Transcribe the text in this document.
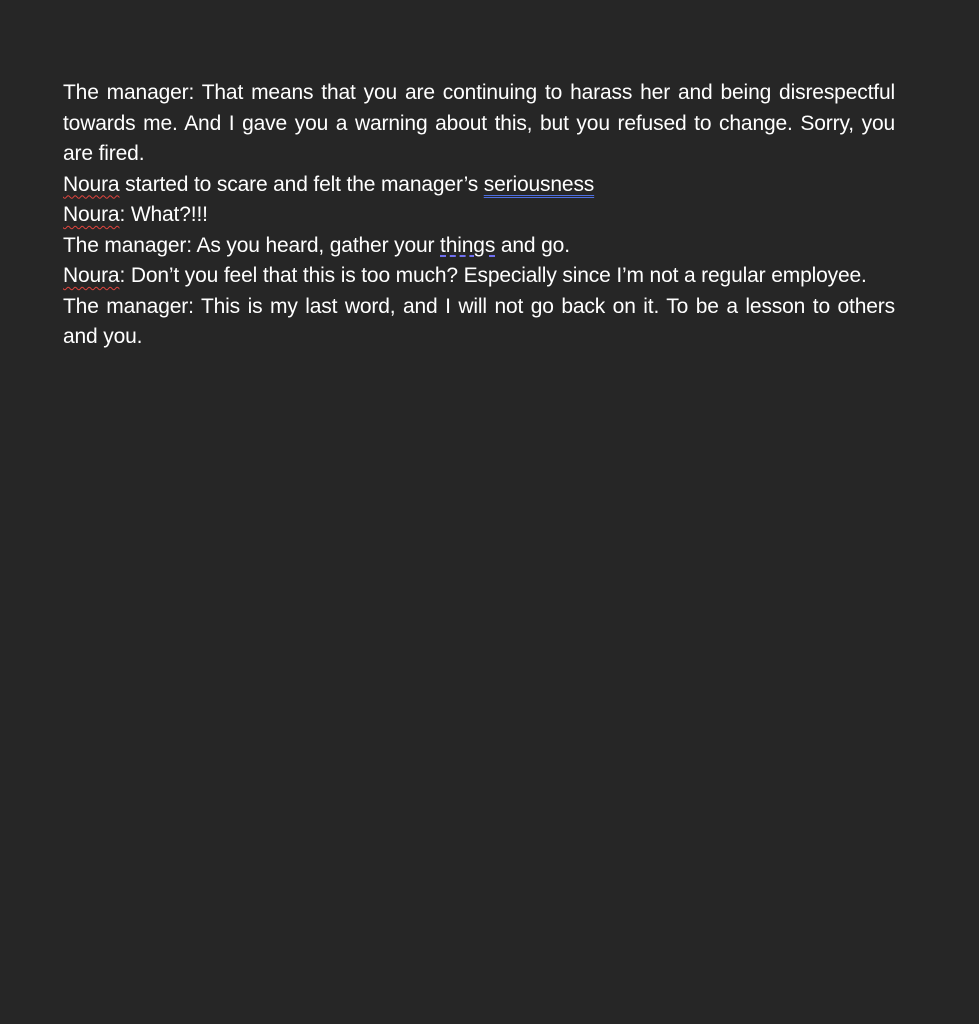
The manager: That means that you are continuing to harass her and being disrespectful towards me. And I gave you a warning about this, but you refused to change. Sorry, you are fired.

Noura started to scare and felt the manager’s seriousness

Noura: What?!!!

The manager: As you heard, gather your things and go.

Noura: Don’t you feel that this is too much? Especially since I’m not a regular employee.

The manager: This is my last word, and I will not go back on it. To be a lesson to others and you.
